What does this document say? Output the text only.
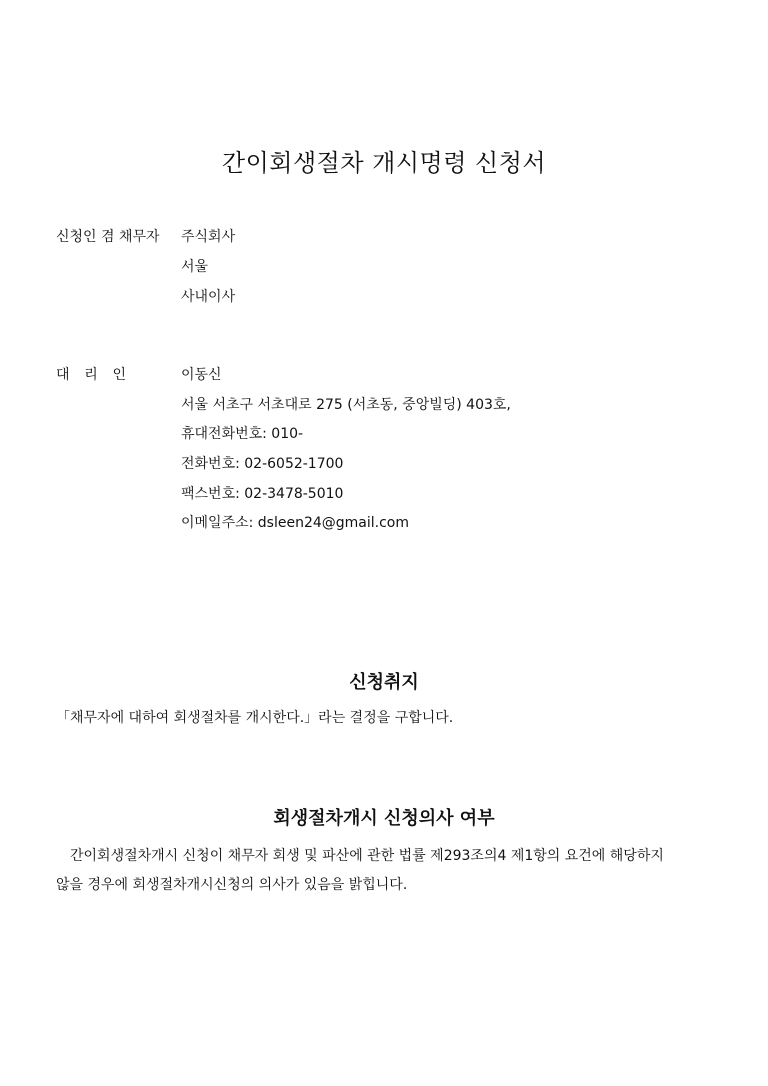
간이회생절차 개시명령 신청서
신청인 겸 채무자 주식회사
서울
사내이사
대 리 인	이동신
서울 서초구 서초대로 275 (서초동, 중앙빌딩) 403호,
휴대전화번호: 010-
전화번호: 02-6052-1700
팩스번호: 02-3478-5010
이메일주소: dsleen24@gmail.com
신청취지
「채무자에 대하여 회생절차를 개시한다.」라는 결정을 구합니다.
회생절차개시 신청의사 여부
간이회생절차개시 신청이 채무자 회생 및 파산에 관한 법률 제293조의4 제1항의 요건에 해당하지
않을 경우에 회생절차개시신청의 의사가 있음을 밝힙니다.
